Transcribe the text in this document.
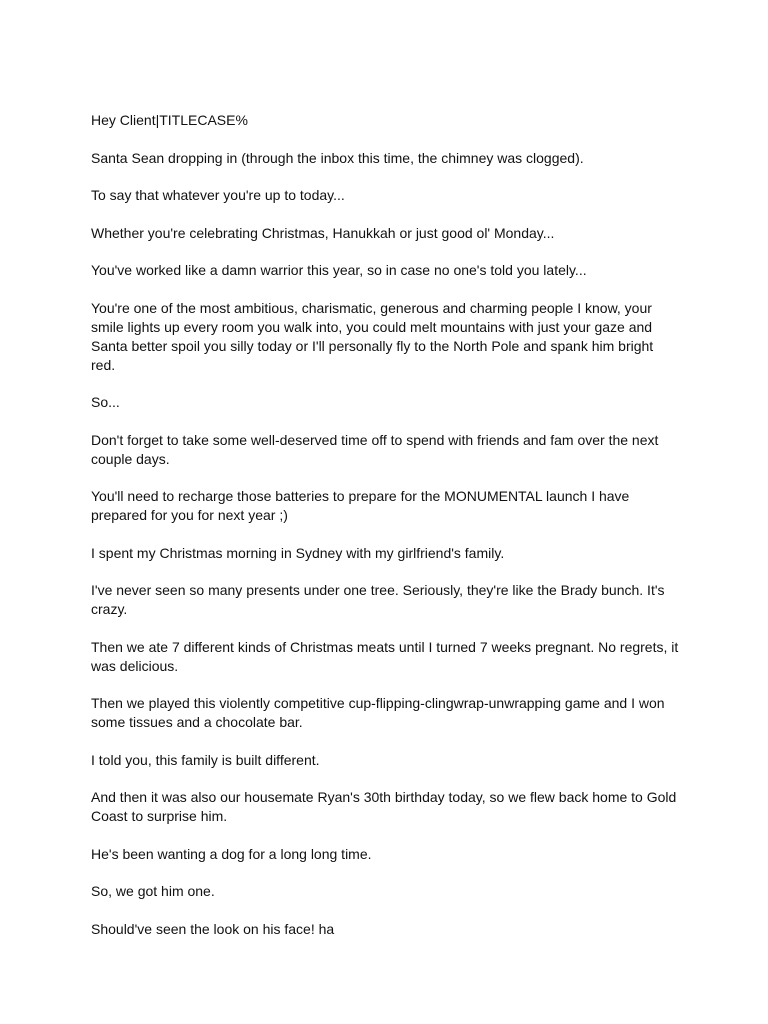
Hey Client|TITLECASE%

Santa Sean dropping in (through the inbox this time, the chimney was clogged).

To say that whatever you're up to today...

Whether you're celebrating Christmas, Hanukkah or just good ol' Monday...

You've worked like a damn warrior this year, so in case no one's told you lately...

You're one of the most ambitious, charismatic, generous and charming people I know, your smile lights up every room you walk into, you could melt mountains with just your gaze and Santa better spoil you silly today or I'll personally fly to the North Pole and spank him bright red.

So...

Don't forget to take some well-deserved time off to spend with friends and fam over the next couple days.

You'll need to recharge those batteries to prepare for the MONUMENTAL launch I have prepared for you for next year ;)

I spent my Christmas morning in Sydney with my girlfriend's family.

I've never seen so many presents under one tree. Seriously, they're like the Brady bunch. It's crazy.

Then we ate 7 different kinds of Christmas meats until I turned 7 weeks pregnant. No regrets, it was delicious.

Then we played this violently competitive cup-flipping-clingwrap-unwrapping game and I won some tissues and a chocolate bar.

I told you, this family is built different.

And then it was also our housemate Ryan's 30th birthday today, so we flew back home to Gold Coast to surprise him.

He's been wanting a dog for a long long time.

So, we got him one.

Should've seen the look on his face! ha
